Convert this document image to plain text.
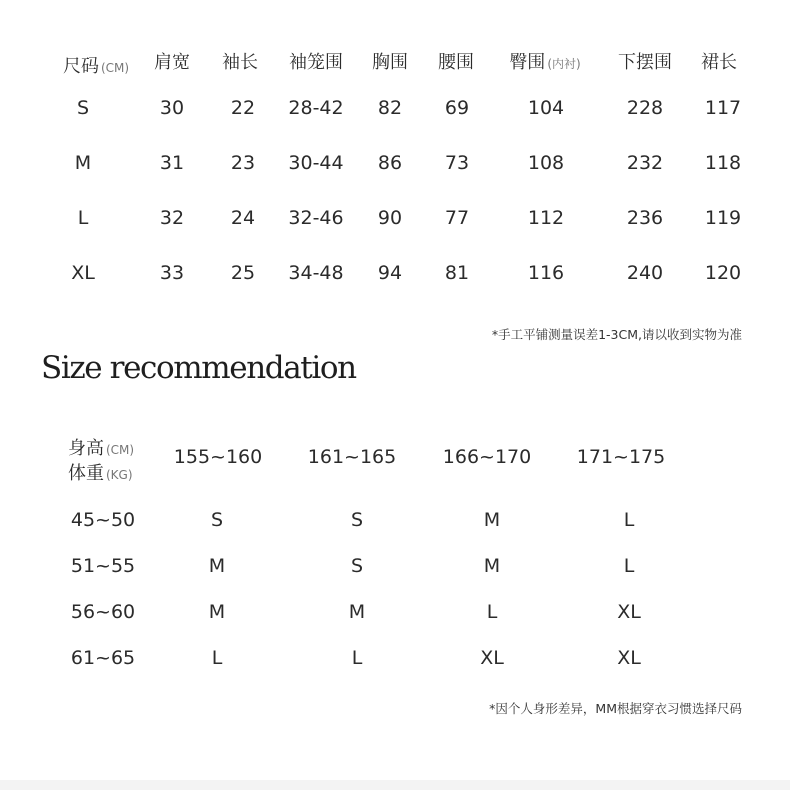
尺码 (CM) 肩宽 袖长 袖笼围 胸围 腰围 臀围 (内衬) 下摆围 裙长
S	30 22 28-42 82 69	104	228 117
M	31 23 30-44 86 73	108	232 118
L	32 24 32-46 90 77	112	236 119
XL	33 25 34-48 94 81	116	240 120
*手工平铺测量误差1-3CM,请以收到实物为准
Size recommendation
身高 (CM)
体重 (KG)
155~160 161~165 166~170 171~175
45~50	S	S	M	L
51~55	M	S	M	L
56~60	M	M	L	XL
61~65	L	L	XL	XL
*因个人身形差异，MM根据穿衣习惯选择尺码
